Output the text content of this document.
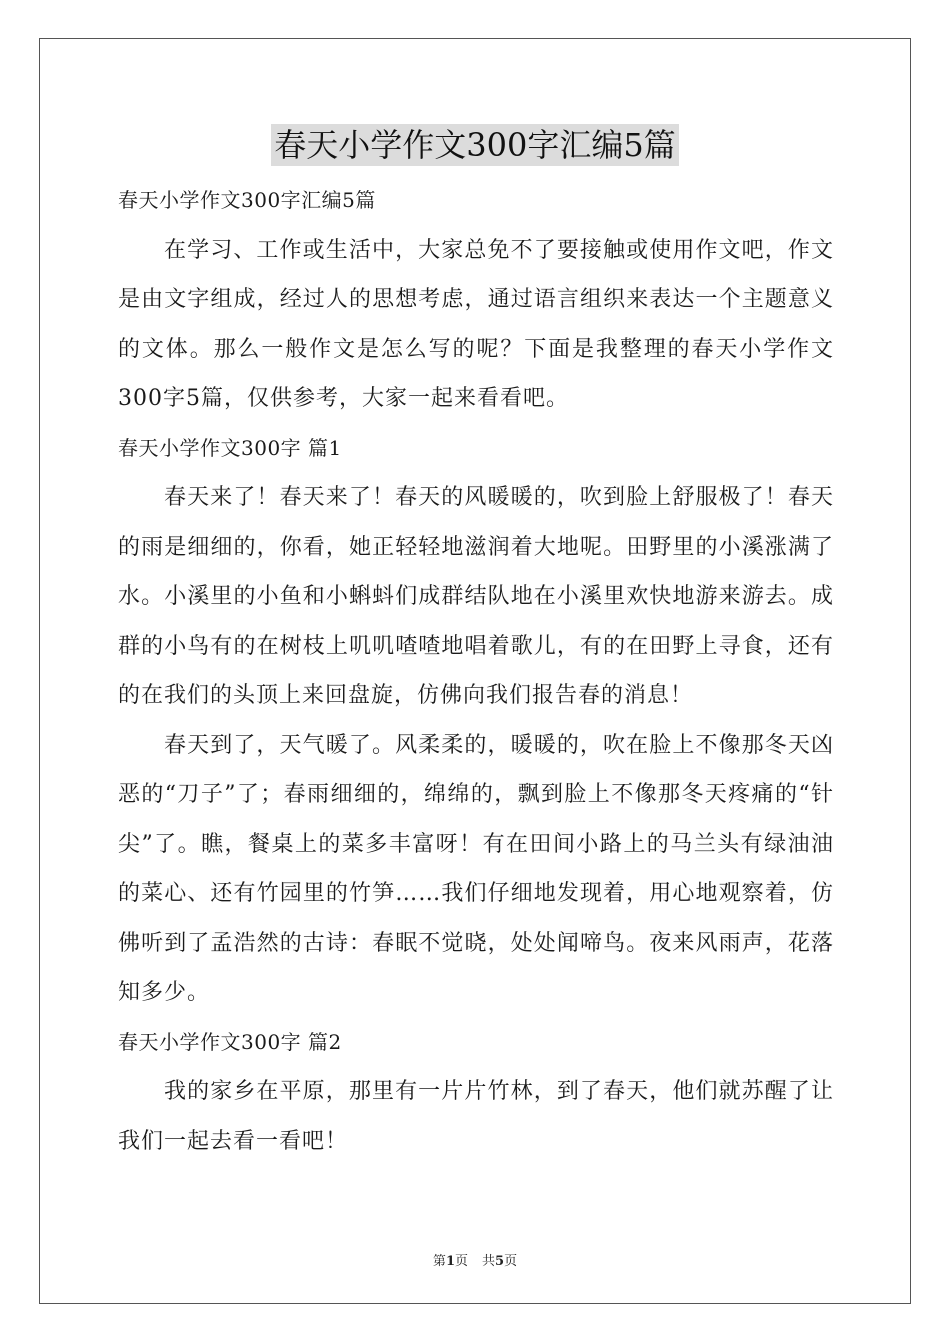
春天小学作文300字汇编5篇

春天小学作文300字汇编5篇

在学习、工作或生活中，大家总免不了要接触或使用作文吧，作文是由文字组成，经过人的思想考虑，通过语言组织来表达一个主题意义的文体。那么一般作文是怎么写的呢？下面是我整理的春天小学作文300字5篇，仅供参考，大家一起来看看吧。

春天小学作文300字 篇1

春天来了！春天来了！春天的风暖暖的，吹到脸上舒服极了！春天的雨是细细的，你看，她正轻轻地滋润着大地呢。田野里的小溪涨满了水。小溪里的小鱼和小蝌蚪们成群结队地在小溪里欢快地游来游去。成群的小鸟有的在树枝上叽叽喳喳地唱着歌儿，有的在田野上寻食，还有的在我们的头顶上来回盘旋，仿佛向我们报告春的消息！

春天到了，天气暖了。风柔柔的，暖暖的，吹在脸上不像那冬天凶恶的“刀子”了；春雨细细的，绵绵的，飘到脸上不像那冬天疼痛的“针尖”了。瞧，餐桌上的菜多丰富呀！有在田间小路上的马兰头有绿油油的菜心、还有竹园里的竹笋……我们仔细地发现着，用心地观察着，仿佛听到了孟浩然的古诗：春眠不觉晓，处处闻啼鸟。夜来风雨声，花落知多少。

春天小学作文300字 篇2

我的家乡在平原，那里有一片片竹林，到了春天，他们就苏醒了让我们一起去看一看吧！

第1页 共5页
